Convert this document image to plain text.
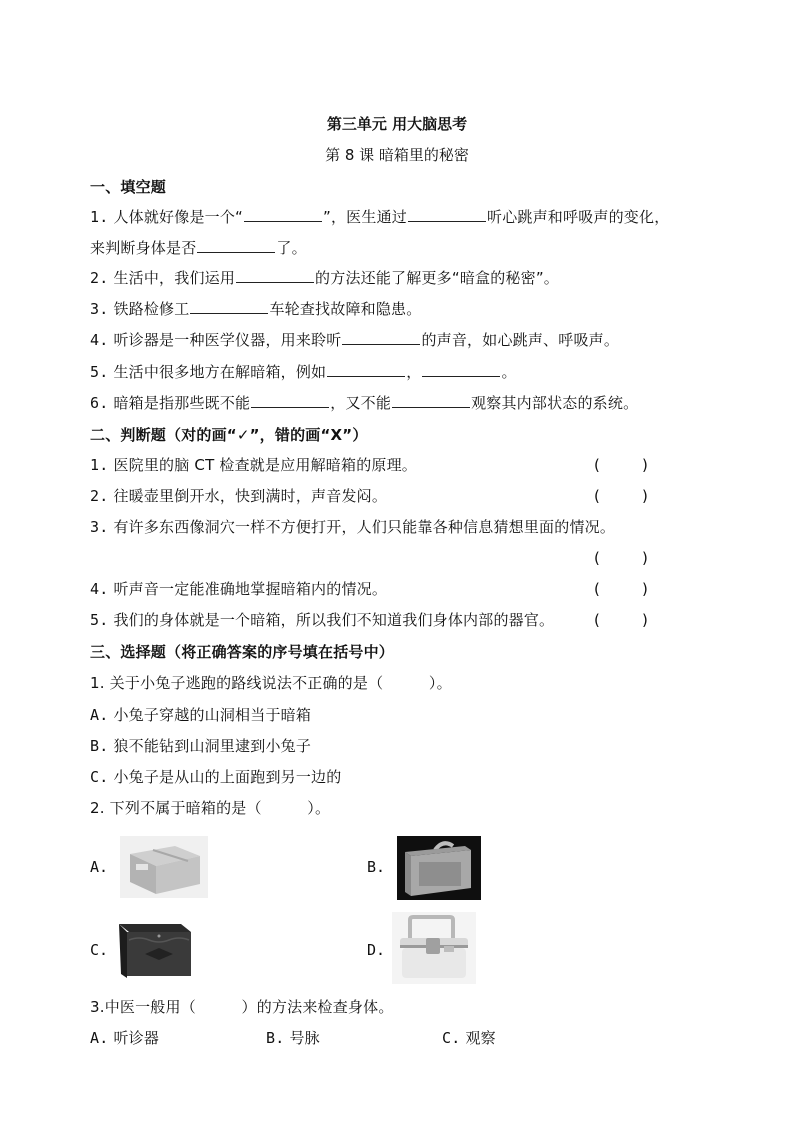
第三单元 用大脑思考
第 8 课 暗箱里的秘密
一、填空题
1. 人体就好像是一个“	”，医生通过	听心跳声和呼吸声的变化，
来判断身体是否	了。
2. 生活中，我们运用	的方法还能了解更多“暗盒的秘密”。
3. 铁路检修工	车轮查找故障和隐患。
4. 听诊器是一种医学仪器，用来聆听	的声音，如心跳声、呼吸声。
5. 生活中很多地方在解暗箱，例如	，	。
6. 暗箱是指那些既不能	，又不能	观察其内部状态的系统。
二、判断题（对的画“✓”，错的画“X”）
1. 医院里的脑 CT 检查就是应用解暗箱的原理。	(	)
2. 往暖壶里倒开水，快到满时，声音发闷。	(	)
3. 有许多东西像洞穴一样不方便打开，人们只能靠各种信息猜想里面的情况。
(	)
4. 听声音一定能准确地掌握暗箱内的情况。	(	)
5. 我们的身体就是一个暗箱，所以我们不知道我们身体内部的器官。	(	)
三、选择题（将正确答案的序号填在括号中）
1. 关于小兔子逃跑的路线说法不正确的是（　　　）。
A. 小兔子穿越的山洞相当于暗箱
B. 狼不能钻到山洞里逮到小兔子
C. 小兔子是从山的上面跑到另一边的
2. 下列不属于暗箱的是（　　　）。
A.	B.
C.	D.
3.中医一般用（　　　）的方法来检查身体。
A. 听诊器	B. 号脉	C. 观察
